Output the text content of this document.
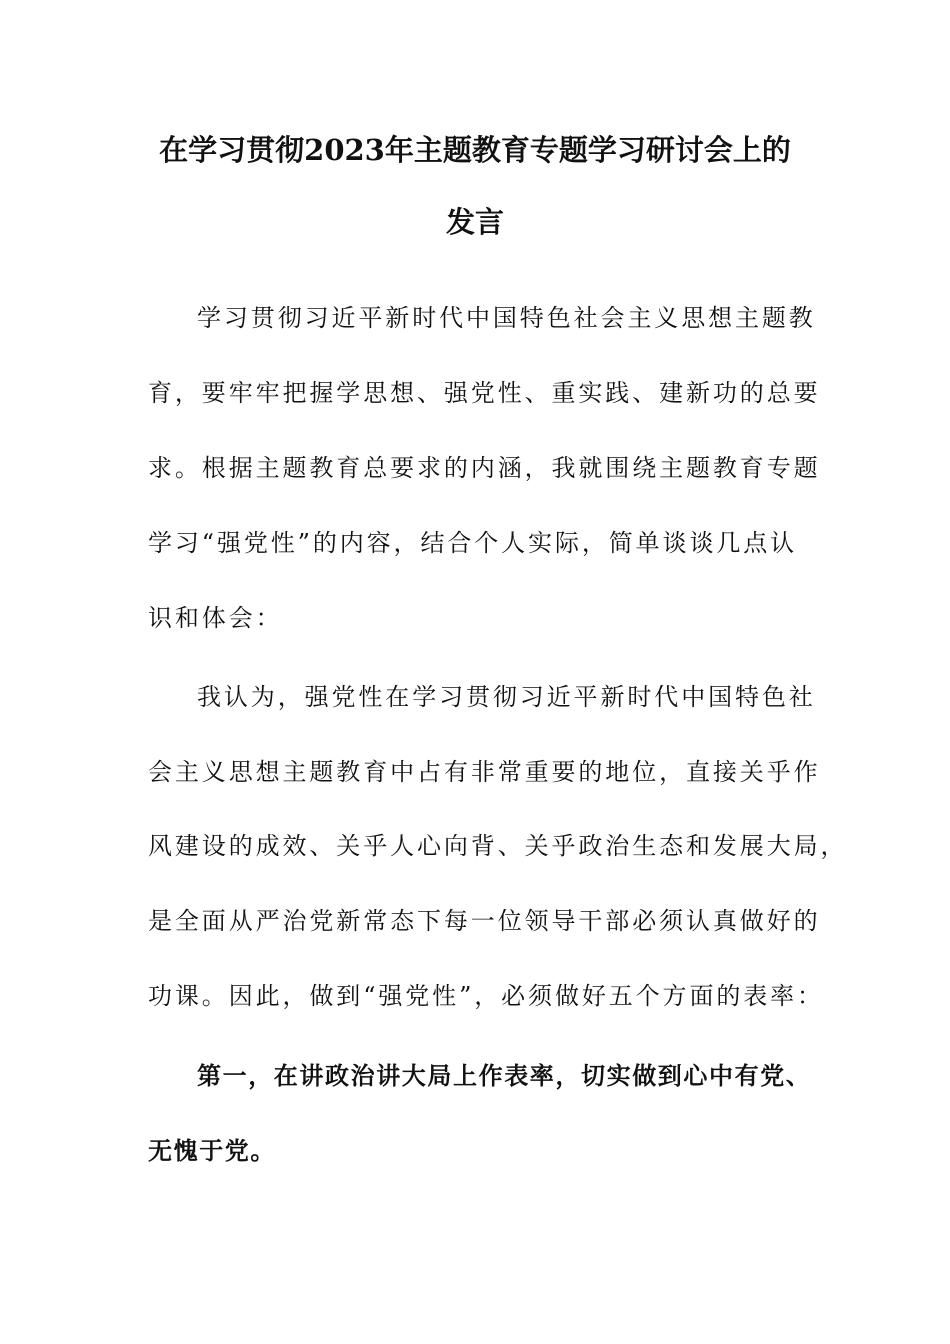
在学习贯彻2023年主题教育专题学习研讨会上的
发言
学习贯彻习近平新时代中国特色社会主义思想主题教
育，要牢牢把握学思想、强党性、重实践、建新功的总要
求。根据主题教育总要求的内涵，我就围绕主题教育专题
学习“强党性”的内容，结合个人实际，简单谈谈几点认
识和体会：
我认为，强党性在学习贯彻习近平新时代中国特色社
会主义思想主题教育中占有非常重要的地位，直接关乎作
风建设的成效、关乎人心向背、关乎政治生态和发展大局，
是全面从严治党新常态下每一位领导干部必须认真做好的
功课。因此，做到“强党性”，必须做好五个方面的表率：
第一，在讲政治讲大局上作表率，切实做到心中有党、
无愧于党。
